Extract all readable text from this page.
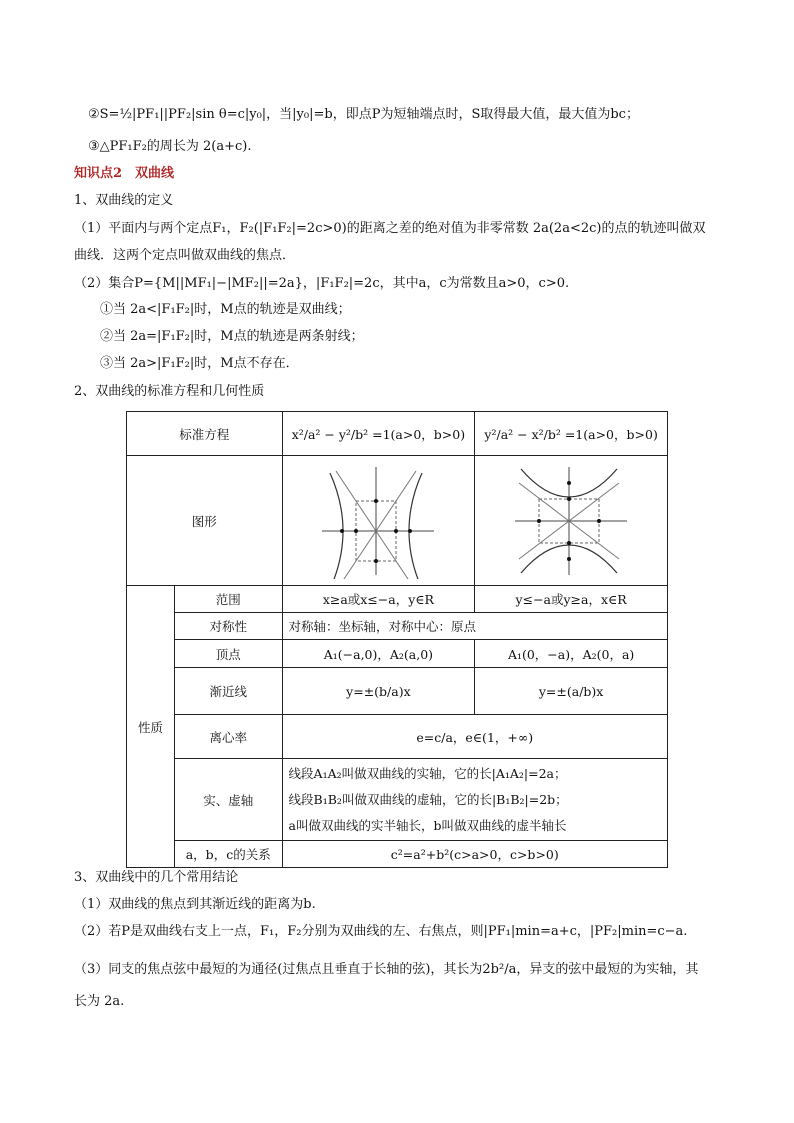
②S=½|PF₁||PF₂|sin θ=c|y₀|，当|y₀|=b，即点P为短轴端点时，S取得最大值，最大值为bc；
③△PF₁F₂的周长为 2(a+c).
知识点2　双曲线
1、双曲线的定义
（1）平面内与两个定点F₁，F₂(|F₁F₂|=2c>0)的距离之差的绝对值为非零常数 2a(2a<2c)的点的轨迹叫做双
曲线．这两个定点叫做双曲线的焦点．
（2）集合P={M||MF₁|−|MF₂||=2a}，|F₁F₂|=2c，其中a，c为常数且a>0，c>0.
①当 2a<|F₁F₂|时，M点的轨迹是双曲线；
②当 2a=|F₁F₂|时，M点的轨迹是两条射线；
③当 2a>|F₁F₂|时，M点不存在．
2、双曲线的标准方程和几何性质
标准方程		x²/a² − y²/b² =1(a>0，b>0)	y²/a² − x²/b² =1(a>0，b>0)
图形	

性质	范围	x≥a或x≤−a，y∈R	y≤−a或y≥a，x∈R
	对称性	对称轴：坐标轴，对称中心：原点	
	顶点	A₁(−a,0)，A₂(a,0)	A₁(0，−a)，A₂(0，a)
	渐近线	y=±(b/a)x	y=±(a/b)x
	离心率	e=c/a，e∈(1，+∞)	
	实、虚轴	线段A₁A₂叫做双曲线的实轴，它的长|A₁A₂|=2a；
线段B₁B₂叫做双曲线的虚轴，它的长|B₁B₂|=2b；
a叫做双曲线的实半轴长，b叫做双曲线的虚半轴长	

	a，b，c的关系	c²=a²+b²(c>a>0，c>b>0)	
3、双曲线中的几个常用结论
（1）双曲线的焦点到其渐近线的距离为b.
（2）若P是双曲线右支上一点，F₁，F₂分别为双曲线的左、右焦点，则|PF₁|min=a+c，|PF₂|min=c−a.
（3）同支的焦点弦中最短的为通径(过焦点且垂直于长轴的弦)，其长为2b²/a，异支的弦中最短的为实轴，其
长为 2a.
